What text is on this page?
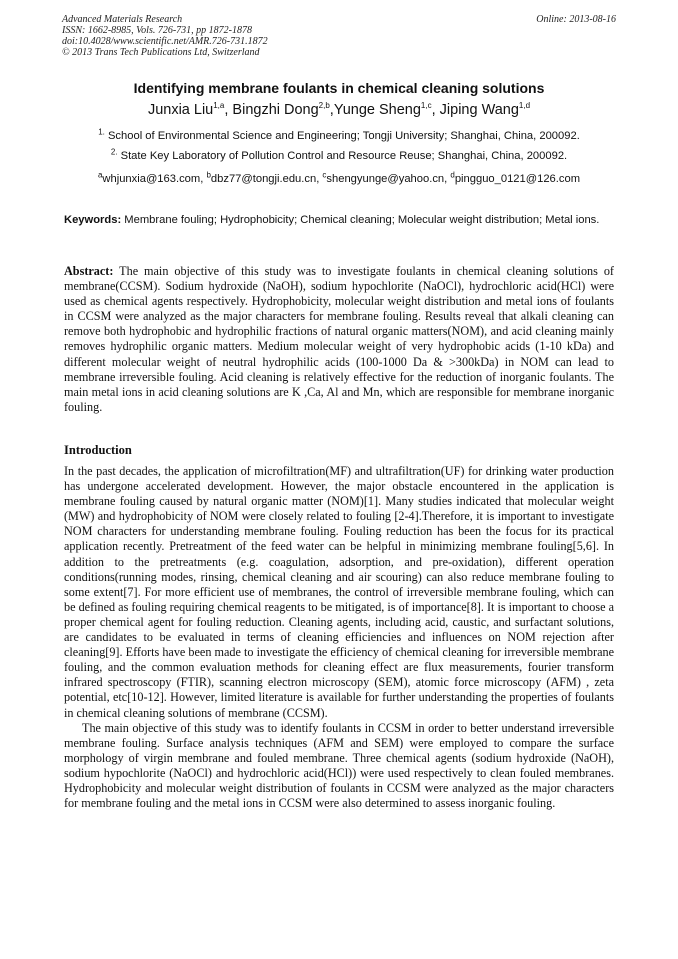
Advanced Materials Research
ISSN: 1662-8985, Vols. 726-731, pp 1872-1878
doi:10.4028/www.scientific.net/AMR.726-731.1872
© 2013 Trans Tech Publications Ltd, Switzerland
Online: 2013-08-16
Identifying membrane foulants in chemical cleaning solutions
Junxia Liu$^{1,a}$, Bingzhi Dong$^{2,b}$,Yunge Sheng$^{1,c}$, Jiping Wang$^{1,d}$
$^{1.}$ School of Environmental Science and Engineering; Tongji University; Shanghai, China, 200092.
$^{2.}$ State Key Laboratory of Pollution Control and Resource Reuse; Shanghai, China, 200092.
$^a$whjunxia@163.com, $^b$dbz77@tongji.edu.cn, $^c$shengyunge@yahoo.cn, $^d$pingguo_0121@126.com
Keywords: Membrane fouling; Hydrophobicity; Chemical cleaning; Molecular weight distribution; Metal ions.
Abstract: The main objective of this study was to investigate foulants in chemical cleaning solutions of membrane(CCSM). Sodium hydroxide (NaOH), sodium hypochlorite (NaOCl), hydrochloric acid(HCl) were used as chemical agents respectively. Hydrophobicity, molecular weight distribution and metal ions of foulants in CCSM were analyzed as the major characters for membrane fouling. Results reveal that alkali cleaning can remove both hydrophobic and hydrophilic fractions of natural organic matters(NOM), and acid cleaning mainly removes hydrophilic organic matters. Medium molecular weight of very hydrophobic acids (1-10 kDa) and different molecular weight of neutral hydrophilic acids (100-1000 Da & >300kDa) in NOM can lead to membrane irreversible fouling. Acid cleaning is relatively effective for the reduction of inorganic foulants. The main metal ions in acid cleaning solutions are K ,Ca, Al and Mn, which are responsible for membrane inorganic fouling.
Introduction

In the past decades, the application of microfiltration(MF) and ultrafiltration(UF) for drinking water production has undergone accelerated development. However, the major obstacle encountered in the application is membrane fouling caused by natural organic matter (NOM)[1]. Many studies indicated that molecular weight (MW) and hydrophobicity of NOM were closely related to fouling [2-4].Therefore, it is important to investigate NOM characters for understanding membrane fouling. Fouling reduction has been the focus for its practical application recently. Pretreatment of the feed water can be helpful in minimizing membrane fouling[5,6]. In addition to the pretreatments (e.g. coagulation, adsorption, and pre-oxidation), different operation conditions(running modes, rinsing, chemical cleaning and air scouring) can also reduce membrane fouling to some extent[7]. For more efficient use of membranes, the control of irreversible membrane fouling, which can be defined as fouling requiring chemical reagents to be mitigated, is of importance[8]. It is important to choose a proper chemical agent for fouling reduction. Cleaning agents, including acid, caustic, and surfactant solutions, are candidates to be evaluated in terms of cleaning efficiencies and influences on NOM rejection after cleaning[9]. Efforts have been made to investigate the efficiency of chemical cleaning for irreversible membrane fouling, and the common evaluation methods for cleaning effect are flux measurements, fourier transform infrared spectroscopy (FTIR), scanning electron microscopy (SEM), atomic force microscopy (AFM) , zeta potential, etc[10-12]. However, limited literature is available for further understanding the properties of foulants in chemical cleaning solutions of membrane (CCSM).

The main objective of this study was to identify foulants in CCSM in order to better understand irreversible membrane fouling. Surface analysis techniques (AFM and SEM) were employed to compare the surface morphology of virgin membrane and fouled membrane. Three chemical agents (sodium hydroxide (NaOH), sodium hypochlorite (NaOCl) and hydrochloric acid(HCl)) were used respectively to clean fouled membranes. Hydrophobicity and molecular weight distribution of foulants in CCSM were analyzed as the major characters for membrane fouling and the metal ions in CCSM were also determined to assess inorganic fouling.
